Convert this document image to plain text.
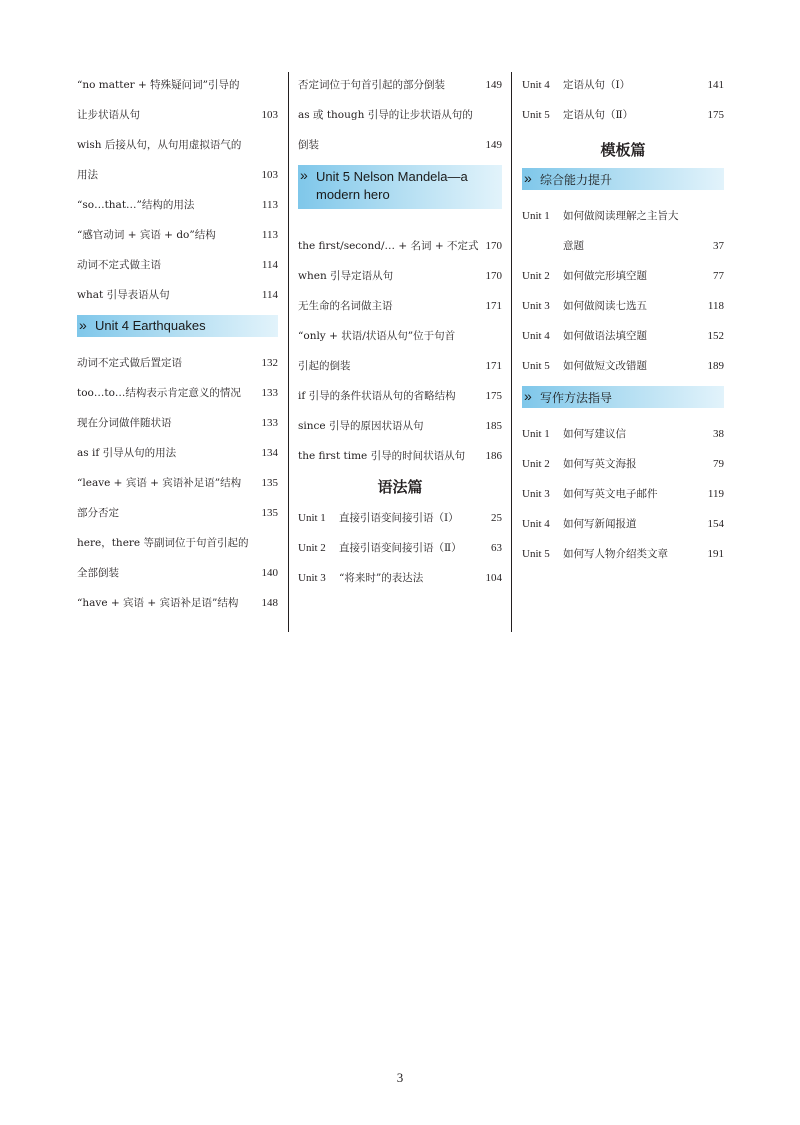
“no matter + 特殊疑问词”引导的
让步状语从句	103
wish 后接从句，从句用虚拟语气的
用法	103
“so…that…”结构的用法	113
“感官动词 + 宾语 + do”结构	113
动词不定式做主语	114
what 引导表语从句	114
» Unit 4 Earthquakes
动词不定式做后置定语	132
too…to…结构表示肯定意义的情况 133
现在分词做伴随状语	133
as if 引导从句的用法	134
“leave + 宾语 + 宾语补足语”结构 135
部分否定	135
here，there 等副词位于句首引起的
全部倒装	140
“have + 宾语 + 宾语补足语”结构 148
否定词位于句首引起的部分倒装	149
as 或 though 引导的让步状语从句的
倒装	149
» Unit 5 Nelson Mandela—a modern hero
the first/second/… + 名词 + 不定式 170
when 引导定语从句	170
无生命的名词做主语	171
“only + 状语/状语从句”位于句首
引起的倒装	171
if 引导的条件状语从句的省略结构	175
since 引导的原因状语从句	185
the first time 引导的时间状语从句 186
语法篇
Unit 1 直接引语变间接引语（Ⅰ）	25
Unit 2 直接引语变间接引语（Ⅱ）	63
Unit 3 “将来时”的表达法	104
Unit 4 定语从句（Ⅰ）	141
Unit 5 定语从句（Ⅱ）	175
模板篇
» 综合能力提升
Unit 1 如何做阅读理解之主旨大
意题	37
Unit 2 如何做完形填空题	77
Unit 3 如何做阅读七选五	118
Unit 4 如何做语法填空题	152
Unit 5 如何做短文改错题	189
» 写作方法指导
Unit 1 如何写建议信	38
Unit 2 如何写英文海报	79
Unit 3 如何写英文电子邮件	119
Unit 4 如何写新闻报道	154
Unit 5 如何写人物介绍类文章	191
3
